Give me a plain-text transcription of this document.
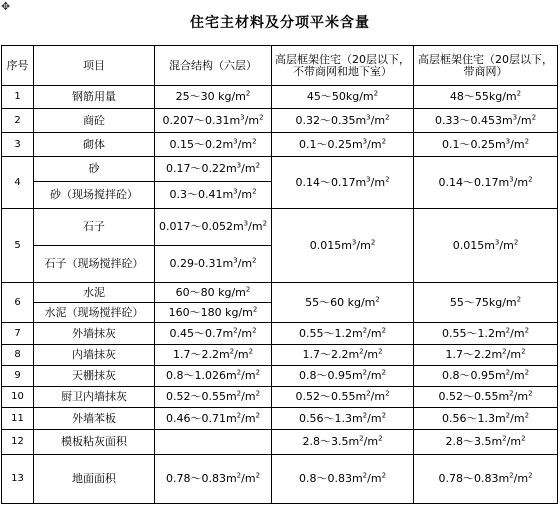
✥
住宅主材料及分项平米含量
序号	项目	混合结构（六层）	高层框架住宅（20层以下，不带商网和地下室）	高层框架住宅（20层以下，带商网）
1	钢筋用量	25～30 $kg/m^2$	$45\sim 50kg/m^2$	$48\sim 55kg/m^2$
2	商砼	$0.207\sim 0.31m^3/m^2$	$0.32\sim 0.35m^3/m^2$	$0.33\sim 0.453m^3/m^2$
3	砌体	$0.15\sim 0.2m^3/m^2$	$0.1\sim 0.25m^3/m^2$	$0.1\sim 0.25m^3/m^2$
4	砂	$0.17\sim 0.22m^3/m^2$	$0.14\sim 0.17m^3/m^2$	$0.14\sim 0.17m^3/m^2$
	砂（现场搅拌砼）	$0.3\sim 0.41m^3/m^2$
5	石子	$0.017\sim 0.052m^3/m^2$	$0.015m^3/m^2$	$0.015m^3/m^2$
	石子（现场搅拌砼）	$0.29-0.31m^3/m^2$
6	水泥	60～80 $kg/m^2$	55～60 $kg/m^2$	$55\sim 75kg/m^2$
	水泥（现场搅拌砼）	160～180 $kg/m^2$
7	外墙抹灰	$0.45\sim 0.7m^2/m^2$	$0.55\sim 1.2m^2/m^2$	$0.55\sim 1.2m^2/m^2$
8	内墙抹灰	$1.7\sim 2.2m^2/m^2$	$1.7\sim 2.2m^2/m^2$	$1.7\sim 2.2m^2/m^2$
9	天棚抹灰	$0.8\sim 1.026m^2/m^2$	$0.8\sim 0.95m^2/m^2$	$0.8\sim 0.95m^2/m^2$
10	厨卫内墙抹灰	$0.52\sim 0.55m^2/m^2$	$0.52\sim 0.55m^2/m^2$	$0.52\sim 0.55m^2/m^2$
11	外墙苯板	$0.46\sim 0.71m^2/m^2$	$0.56\sim 1.3m^2/m^2$	$0.56\sim 1.3m^2/m^2$
12	模板粘灰面积		$2.8\sim 3.5m^2/m^2$	$2.8\sim 3.5m^2/m^2$
13	地面面积	$0.78\sim 0.83m^2/m^2$	$0.8\sim 0.83m^2/m^2$	$0.78\sim 0.83m^2/m^2$
